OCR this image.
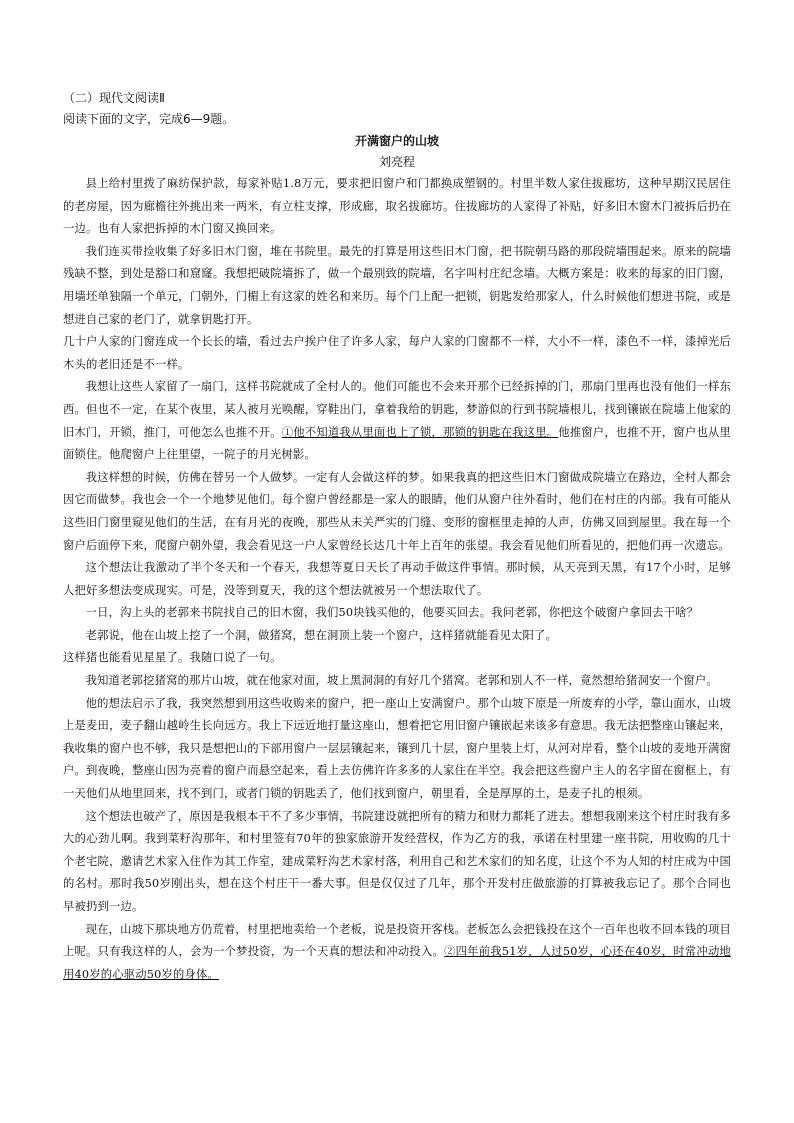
（二）现代文阅读Ⅱ
阅读下面的文字，完成6—9题。
开满窗户的山坡
刘亮程

县上给村里拨了麻纺保护款，每家补贴1.8万元，要求把旧窗户和门都换成塑钢的。村里半数人家住拔廊坊，这种早期汉民居住的老房屋，因为廊檐往外挑出来一两米，有立柱支撑，形成廊，取名拔廊坊。住拔廊坊的人家得了补贴，好多旧木窗木门被拆后扔在一边。也有人家把拆掉的木门窗又换回来。

我们连买带捡收集了好多旧木门窗，堆在书院里。最先的打算是用这些旧木门窗，把书院朝马路的那段院墙围起来。原来的院墙残缺不整，到处是豁口和窟窿。我想把破院墙拆了，做一个最别致的院墙，名字叫村庄纪念墙。大概方案是：收来的每家的旧门窗，用墙坯单独隔一个单元，门朝外，门楣上有这家的姓名和来历。每个门上配一把锁，钥匙发给那家人，什么时候他们想进书院，或是想进自己家的老门了，就拿钥匙打开。

几十户人家的门窗连成一个长长的墙，看过去户挨户住了许多人家，每户人家的门窗都不一样，大小不一样，漆色不一样，漆掉光后木头的老旧还是不一样。

我想让这些人家留了一扇门，这样书院就成了全村人的。他们可能也不会来开那个已经拆掉的门，那扇门里再也没有他们一样东西。但也不一定，在某个夜里，某人被月光唤醒，穿鞋出门，拿着我给的钥匙，梦游似的行到书院墙根儿，找到镶嵌在院墙上他家的旧木门，开锁，推门，可他怎么也推不开。①他不知道我从里面也上了锁，那锁的钥匙在我这里。他推窗户，也推不开，窗户也从里面锁住。他爬窗户上往里望，一院子的月光树影。

我这样想的时候，仿佛在替另一个人做梦。一定有人会做这样的梦。如果我真的把这些旧木门窗做成院墙立在路边，全村人都会因它而做梦。我也会一个一个地梦见他们。每个窗户曾经都是一家人的眼睛，他们从窗户往外看时，他们在村庄的内部。我有可能从这些旧门窗里窥见他们的生活，在有月光的夜晚，那些从未关严实的门缝、变形的窗框里走掉的人声，仿佛又回到屋里。我在每一个窗户后面停下来，爬窗户朝外望，我会看见这一户人家曾经长达几十年上百年的张望。我会看见他们所看见的，把他们再一次遗忘。

这个想法让我激动了半个冬天和一个春天，我想等夏日天长了再动手做这件事情。那时候，从天亮到天黑，有17个小时，足够人把好多想法变成现实。可是，没等到夏天，我的这个想法就被另一个想法取代了。

一日，沟上头的老郭来书院找自己的旧木窗，我们50块钱买他的，他要买回去。我问老郭，你把这个破窗户拿回去干啥？

老郭说，他在山坡上挖了一个洞，做猪窝，想在洞顶上装一个窗户，这样猪就能看见太阳了。

这样猪也能看见星星了。我随口说了一句。

我知道老郭挖猪窝的那片山坡，就在他家对面，坡上黑洞洞的有好几个猪窝。老郭和别人不一样，竟然想给猪洞安一个窗户。

他的想法启示了我，我突然想到用这些收购来的窗户，把一座山上安满窗户。那个山坡下原是一所废弃的小学，靠山面水，山坡上是麦田，麦子翻山越岭生长向远方。我上下远近地打量这座山，想着把它用旧窗户镶嵌起来该多有意思。我无法把整座山镶起来，我收集的窗户也不够，我只是想把山的下部用窗户一层层镶起来，镶到几十层，窗户里装上灯，从河对岸看，整个山坡的麦地开满窗户。到夜晚，整座山因为亮着的窗户而悬空起来，看上去仿佛许许多多的人家住在半空。我会把这些窗户主人的名字留在窗框上，有一天他们从地里回来，找不到门，或者门锁的钥匙丢了，他们找到窗户，朝里看，全是厚厚的土，是麦子扎的根须。

这个想法也破产了，原因是我根本干不了多少事情，书院建设就把所有的精力和财力都耗了进去。想想我刚来这个村庄时我有多大的心劲儿啊。我到菜籽沟那年，和村里签有70年的独家旅游开发经营权，作为乙方的我，承诺在村里建一座书院，用收购的几十个老宅院，邀请艺术家入住作为其工作室，建成菜籽沟艺术家村落，利用自己和艺术家们的知名度，让这个不为人知的村庄成为中国的名村。那时我50岁刚出头，想在这个村庄干一番大事。但是仅仅过了几年，那个开发村庄做旅游的打算被我忘记了。那个合同也早被扔到一边。

现在，山坡下那块地方仍荒着，村里把地卖给一个老板，说是投资开客栈。老板怎么会把钱投在这个一百年也收不回本钱的项目上呢。只有我这样的人，会为一个梦投资，为一个天真的想法和冲动投入。②四年前我51岁，人过50岁，心还在40岁，时常冲动地用40岁的心驱动50岁的身体。
